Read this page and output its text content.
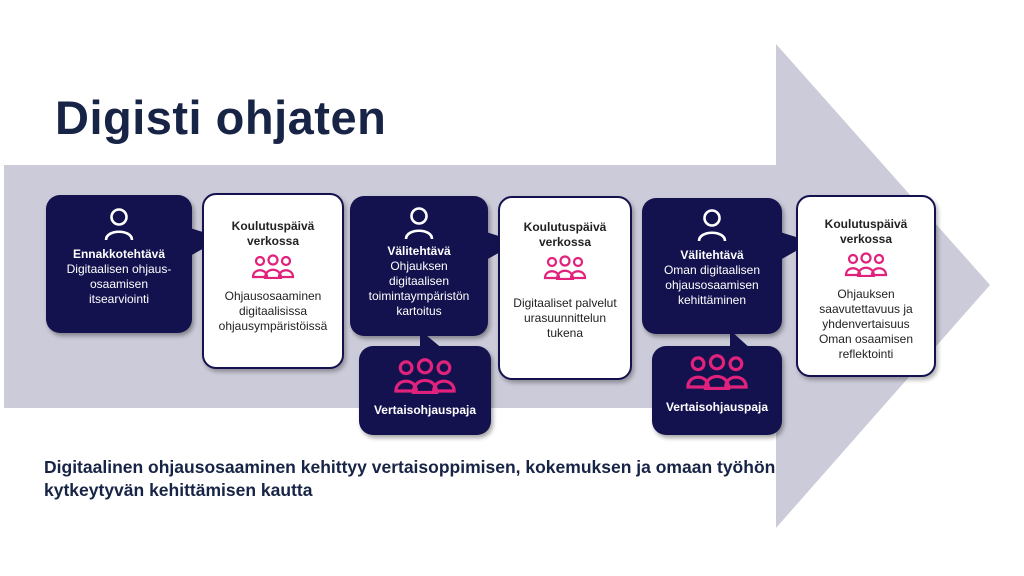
Digisti ohjaten
Ennakkotehtävä
Digitaalisen ohjaus-osaamisen itsearviointi
Koulutuspäivä verkossa
Ohjausosaaminen digitaalisissa ohjausympäristöissä
Välitehtävä
Ohjauksen digitaalisen toimintaympäristön kartoitus
Vertaisohjauspaja
Koulutuspäivä verkossa
Digitaaliset palvelut urasuunnittelun tukena
Välitehtävä
Oman digitaalisen ohjausosaamisen kehittäminen
Vertaisohjauspaja
Koulutuspäivä verkossa
Ohjauksen saavutettavuus ja yhdenvertaisuus Oman osaamisen reflektointi
Digitaalinen ohjausosaaminen kehittyy vertaisoppimisen, kokemuksen ja omaan työhön kytkeytyvän kehittämisen kautta
